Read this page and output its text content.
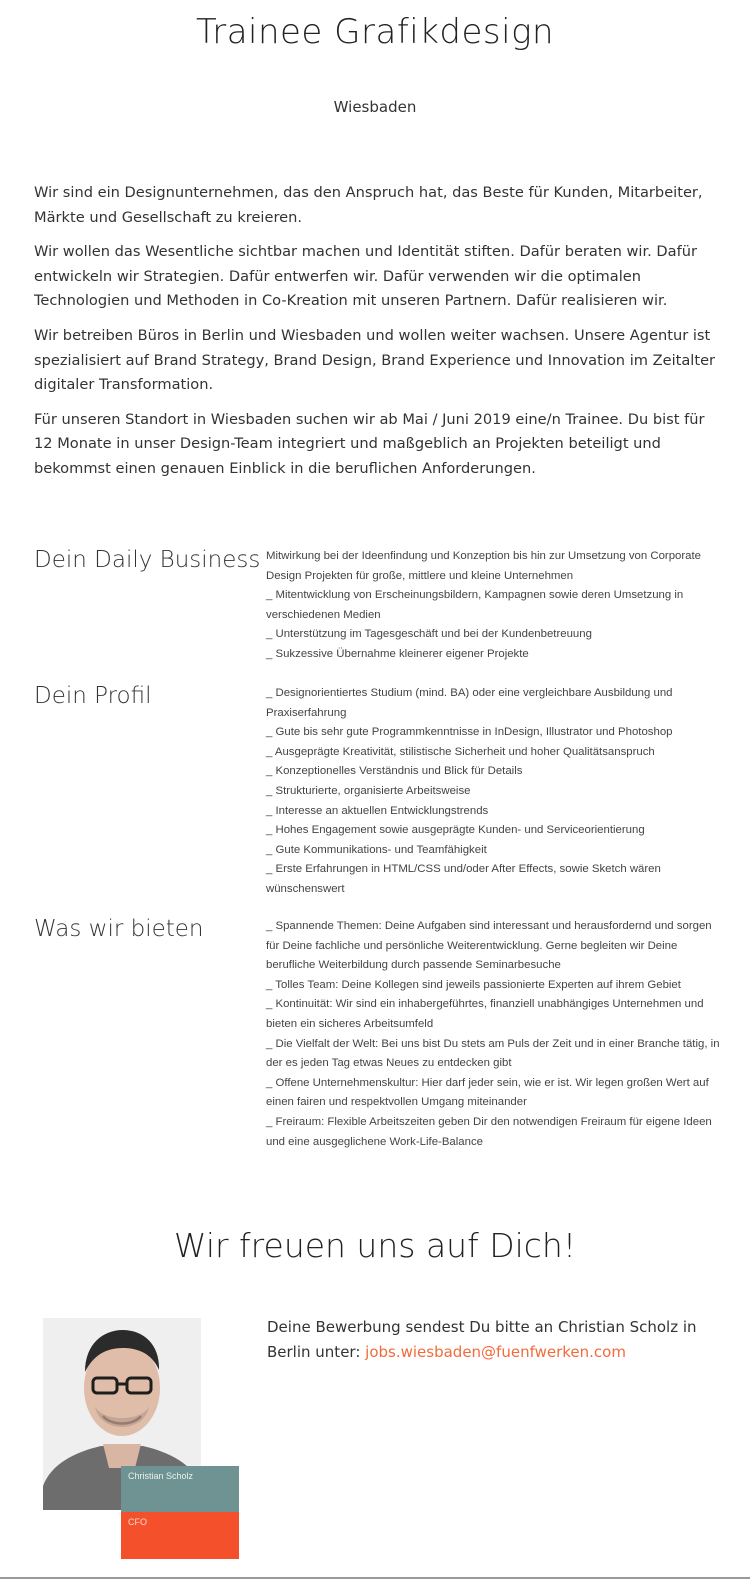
Trainee Grafikdesign
Wiesbaden

Wir sind ein Designunternehmen, das den Anspruch hat, das Beste für Kunden, Mitarbeiter, Märkte und Gesellschaft zu kreieren.

Wir wollen das Wesentliche sichtbar machen und Identität stiften. Dafür beraten wir. Dafür entwickeln wir Strategien. Dafür entwerfen wir. Dafür verwenden wir die optimalen Technologien und Methoden in Co-Kreation mit unseren Partnern. Dafür realisieren wir.

Wir betreiben Büros in Berlin und Wiesbaden und wollen weiter wachsen. Unsere Agentur ist spezialisiert auf Brand Strategy, Brand Design, Brand Experience und Innovation im Zeitalter digitaler Transformation.

Für unseren Standort in Wiesbaden suchen wir ab Mai / Juni 2019 eine/n Trainee. Du bist für 12 Monate in unser Design-Team integriert und maßgeblich an Projekten beteiligt und bekommst einen genauen Einblick in die beruflichen Anforderungen.

Dein Daily Business Mitwirkung bei der Ideenfindung und Konzeption bis hin zur Umsetzung von Corporate Design Projekten für große, mittlere und kleine Unternehmen
_ Mitentwicklung von Erscheinungsbildern, Kampagnen sowie deren Umsetzung in verschiedenen Medien
_ Unterstützung im Tagesgeschäft und bei der Kundenbetreuung
_ Sukzessive Übernahme kleinerer eigener Projekte
Dein Profil	_ Designorientiertes Studium (mind. BA) oder eine vergleichbare Ausbildung und Praxiserfahrung
_ Gute bis sehr gute Programmkenntnisse in InDesign, Illustrator und Photoshop
_ Ausgeprägte Kreativität, stilistische Sicherheit und hoher Qualitätsanspruch
_ Konzeptionelles Verständnis und Blick für Details
_ Strukturierte, organisierte Arbeitsweise
_ Interesse an aktuellen Entwicklungstrends
_ Hohes Engagement sowie ausgeprägte Kunden- und Serviceorientierung
_ Gute Kommunikations- und Teamfähigkeit
_ Erste Erfahrungen in HTML/CSS und/oder After Effects, sowie Sketch wären wünschenswert
Was wir bieten	_ Spannende Themen: Deine Aufgaben sind interessant und herausfordernd und sorgen für Deine fachliche und persönliche Weiterentwicklung. Gerne begleiten wir Deine berufliche Weiterbildung durch passende Seminarbesuche
_ Tolles Team: Deine Kollegen sind jeweils passionierte Experten auf ihrem Gebiet
_ Kontinuität: Wir sind ein inhabergeführtes, finanziell unabhängiges Unternehmen und bieten ein sicheres Arbeitsumfeld
_ Die Vielfalt der Welt: Bei uns bist Du stets am Puls der Zeit und in einer Branche tätig, in der es jeden Tag etwas Neues zu entdecken gibt
_ Offene Unternehmenskultur: Hier darf jeder sein, wie er ist. Wir legen großen Wert auf einen fairen und respektvollen Umgang miteinander
_ Freiraum: Flexible Arbeitszeiten geben Dir den notwendigen Freiraum für eigene Ideen und eine ausgeglichene Work-Life-Balance
Wir freuen uns auf Dich!
Deine Bewerbung sendest Du bitte an Christian Scholz in Berlin unter: jobs.wiesbaden@fuenfwerken.com
Christian Scholz
CFO
